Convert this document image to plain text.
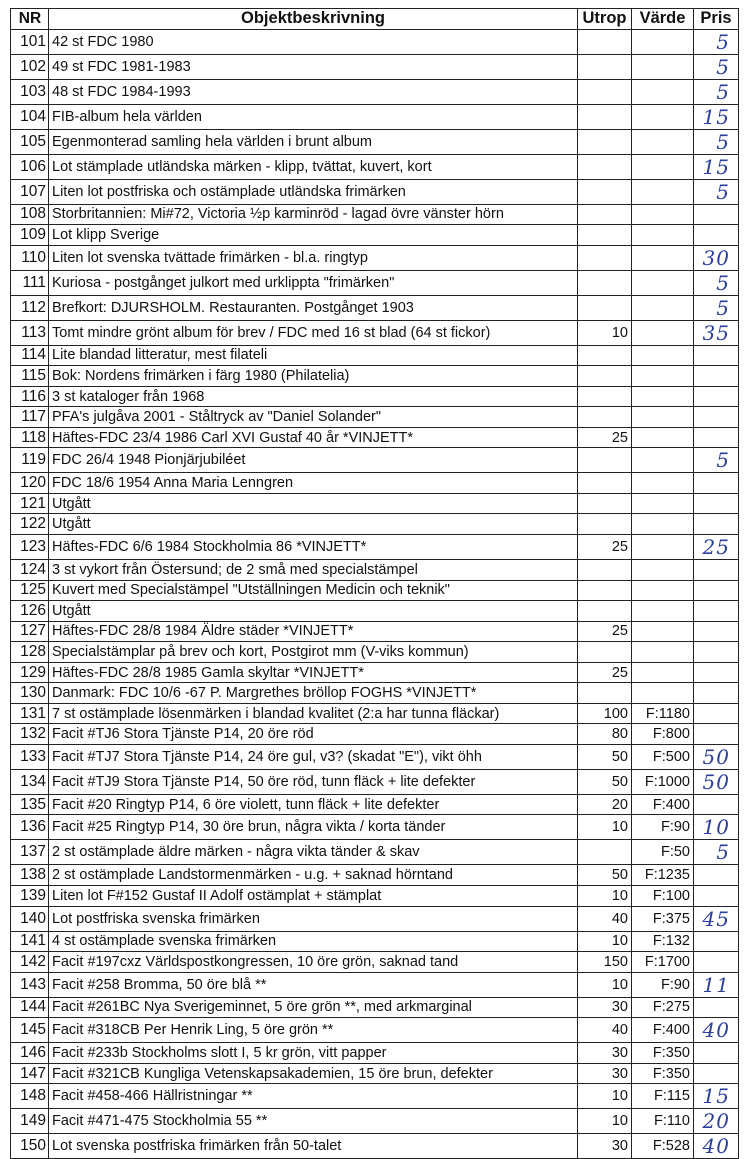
NR	Objektbeskrivning	Utrop	Värde	Pris
101	42 st FDC 1980			5
102	49 st FDC 1981-1983			5
103	48 st FDC 1984-1993			5
104	FIB-album hela världen			15
105	Egenmonterad samling hela världen i brunt album			5
106	Lot stämplade utländska märken - klipp, tvättat, kuvert, kort			15
107	Liten lot postfriska och ostämplade utländska frimärken			5
108	Storbritannien: Mi#72, Victoria ½p karminröd - lagad övre vänster hörn			
109	Lot klipp Sverige			
110	Liten lot svenska tvättade frimärken - bl.a. ringtyp			30
111	Kuriosa - postgånget julkort med urklippta "frimärken"			5
112	Brefkort: DJURSHOLM. Restauranten. Postgånget 1903			5
113	Tomt mindre grönt album för brev / FDC med 16 st blad (64 st fickor)	10		35
114	Lite blandad litteratur, mest filateli			
115	Bok: Nordens frimärken i färg 1980 (Philatelia)			
116	3 st kataloger från 1968			
117	PFA's julgåva 2001 - Ståltryck av "Daniel Solander"			
118	Häftes-FDC 23/4 1986 Carl XVI Gustaf 40 år *VINJETT*	25		
119	FDC 26/4 1948 Pionjärjubiléet			5
120	FDC 18/6 1954 Anna Maria Lenngren			
121	Utgått			
122	Utgått			
123	Häftes-FDC 6/6 1984 Stockholmia 86 *VINJETT*	25		25
124	3 st vykort från Östersund; de 2 små med specialstämpel			
125	Kuvert med Specialstämpel "Utställningen Medicin och teknik"			
126	Utgått			
127	Häftes-FDC 28/8 1984 Äldre städer *VINJETT*	25		
128	Specialstämplar på brev och kort, Postgirot mm (V-viks kommun)			
129	Häftes-FDC 28/8 1985 Gamla skyltar *VINJETT*	25		
130	Danmark: FDC 10/6 -67 P. Margrethes bröllop FOGHS *VINJETT*			
131	7 st ostämplade lösenmärken i blandad kvalitet (2:a har tunna fläckar)	100	F:1180	
132	Facit #TJ6 Stora Tjänste P14, 20 öre röd	80	F:800	
133	Facit #TJ7 Stora Tjänste P14, 24 öre gul, v3? (skadat "E"), vikt öhh	50	F:500	50
134	Facit #TJ9 Stora Tjänste P14, 50 öre röd, tunn fläck + lite defekter	50	F:1000	50
135	Facit #20 Ringtyp P14, 6 öre violett, tunn fläck + lite defekter	20	F:400	
136	Facit #25 Ringtyp P14, 30 öre brun, några vikta / korta tänder	10	F:90	10
137	2 st ostämplade äldre märken - några vikta tänder & skav		F:50	5
138	2 st ostämplade Landstormenmärken - u.g. + saknad hörntand	50	F:1235	
139	Liten lot F#152 Gustaf II Adolf ostämplat + stämplat	10	F:100	
140	Lot postfriska svenska frimärken	40	F:375	45
141	4 st ostämplade svenska frimärken	10	F:132	
142	Facit #197cxz Världspostkongressen, 10 öre grön, saknad tand	150	F:1700	
143	Facit #258 Bromma, 50 öre blå **	10	F:90	11
144	Facit #261BC Nya Sverigeminnet, 5 öre grön **, med arkmarginal	30	F:275	
145	Facit #318CB Per Henrik Ling, 5 öre grön **	40	F:400	40
146	Facit #233b Stockholms slott I, 5 kr grön, vitt papper	30	F:350	
147	Facit #321CB Kungliga Vetenskapsakademien, 15 öre brun, defekter	30	F:350	
148	Facit #458-466 Hällristningar **	10	F:115	15
149	Facit #471-475 Stockholmia 55 **	10	F:110	20
150	Lot svenska postfriska frimärken från 50-talet	30	F:528	40
